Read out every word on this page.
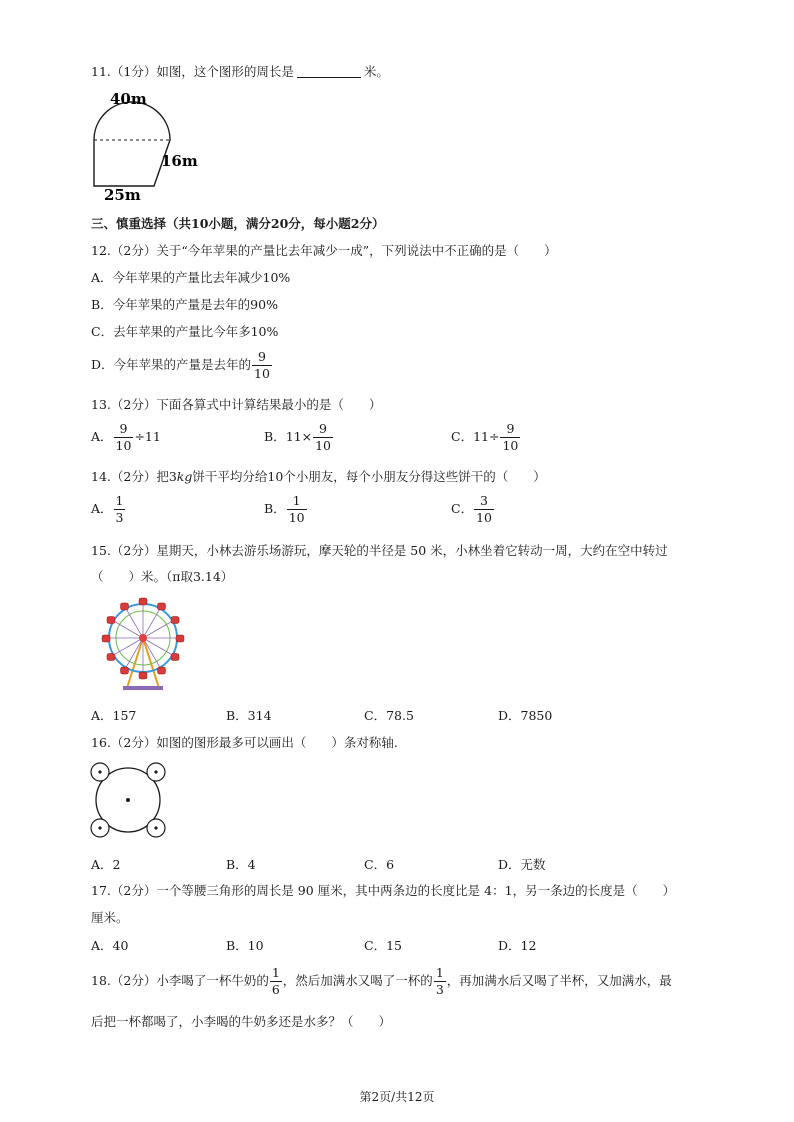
11.（1分）如图，这个图形的周长是	米。
40m
16m
25m
三、慎重选择（共10小题，满分20分，每小题2分）
12.（2分）关于“今年苹果的产量比去年减少一成”，下列说法中不正确的是（　　）
A．今年苹果的产量比去年减少10%
B．今年苹果的产量是去年的90%
C．去年苹果的产量比今年多10%
D．今年苹果的产量是去年的 $\frac{9}{10}$
13.（2分）下面各算式中计算结果最小的是（　　）
A． $\frac{9}{10} \div 11$	B．$11\times \frac{9}{10}$	C．$11\div \frac{9}{10}$
14.（2分）把3kg饼干平均分给10个小朋友，每个小朋友分得这些饼干的（　　）
A． $\frac{1}{3}$	B． $\frac{1}{10}$	C． $\frac{3}{10}$
15.（2分）星期天，小林去游乐场游玩，摩天轮的半径是 50 米，小林坐着它转动一周，大约在空中转过
（　　）米。（π取3.14）
A．157	B．314	C．78.5	D．7850
16.（2分）如图的图形最多可以画出（　　）条对称轴.
A．2	B．4	C．6	D．无数
17.（2分）一个等腰三角形的周长是 90 厘米，其中两条边的长度比是 4：1，另一条边的长度是（　　）
厘米。
A．40	B．10	C．15	D．12
18.（2分）小李喝了一杯牛奶的 $\frac{1}{6}$ ，然后加满水又喝了一杯的 $\frac{1}{3}$ ，再加满水后又喝了半杯，又加满水，最
后把一杯都喝了，小李喝的牛奶多还是水多？（　　）
第2页/共12页
